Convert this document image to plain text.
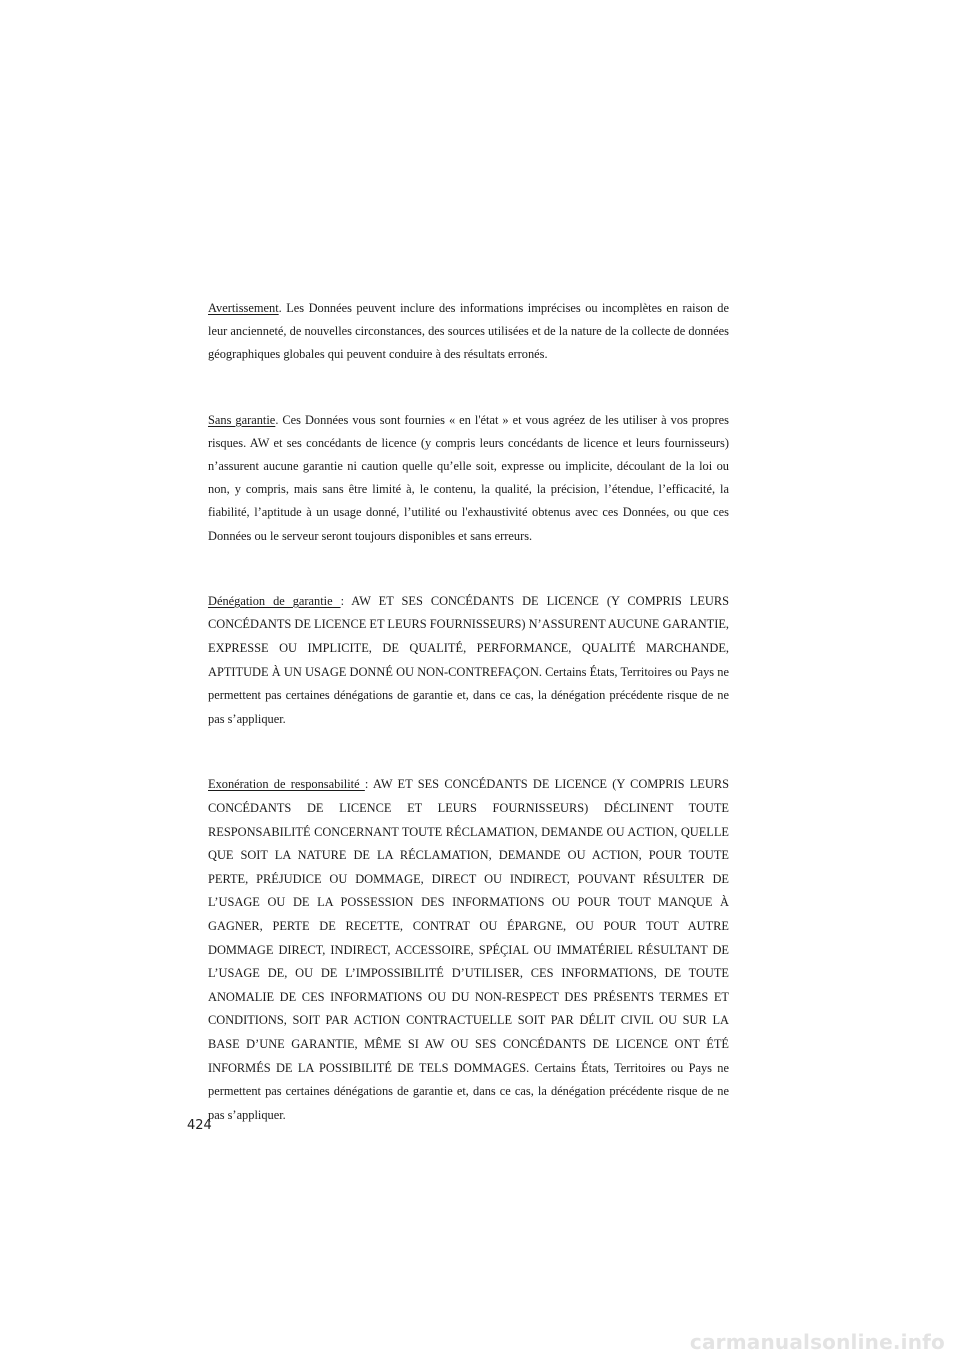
Avertissement. Les Données peuvent inclure des informations imprécises ou incomplètes en raison de leur ancienneté, de nouvelles circonstances, des sources utilisées et de la nature de la collecte de données géographiques globales qui peuvent conduire à des résultats erronés.

Sans garantie. Ces Données vous sont fournies « en l'état » et vous agréez de les utiliser à vos propres risques. AW et ses concédants de licence (y compris leurs concédants de licence et leurs fournisseurs) n’assurent aucune garantie ni caution quelle qu’elle soit, expresse ou implicite, découlant de la loi ou non, y compris, mais sans être limité à, le contenu, la qualité, la précision, l’étendue, l’efficacité, la fiabilité, l’aptitude à un usage donné, l’utilité ou l'exhaustivité obtenus avec ces Données, ou que ces Données ou le serveur seront toujours disponibles et sans erreurs.

Dénégation de garantie : AW ET SES CONCÉDANTS DE LICENCE (Y COMPRIS LEURS CONCÉDANTS DE LICENCE ET LEURS FOURNISSEURS) N’ASSURENT AUCUNE GARANTIE, EXPRESSE OU IMPLICITE, DE QUALITÉ, PERFORMANCE, QUALITÉ MARCHANDE, APTITUDE À UN USAGE DONNÉ OU NON-CONTREFAÇON. Certains États, Territoires ou Pays ne permettent pas certaines dénégations de garantie et, dans ce cas, la dénégation précédente risque de ne pas s’appliquer.

Exonération de responsabilité : AW ET SES CONCÉDANTS DE LICENCE (Y COMPRIS LEURS CONCÉDANTS DE LICENCE ET LEURS FOURNISSEURS) DÉCLINENT TOUTE RESPONSABILITÉ CONCERNANT TOUTE RÉCLAMATION, DEMANDE OU ACTION, QUELLE QUE SOIT LA NATURE DE LA RÉCLAMATION, DEMANDE OU ACTION, POUR TOUTE PERTE, PRÉJUDICE OU DOMMAGE, DIRECT OU INDIRECT, POUVANT RÉSULTER DE L’USAGE OU DE LA POSSESSION DES INFORMATIONS OU POUR TOUT MANQUE À GAGNER, PERTE DE RECETTE, CONTRAT OU ÉPARGNE, OU POUR TOUT AUTRE DOMMAGE DIRECT, INDIRECT, ACCESSOIRE, SPÉÇIAL OU IMMATÉRIEL RÉSULTANT DE L’USAGE DE, OU DE L’IMPOSSIBILITÉ D’UTILISER, CES INFORMATIONS, DE TOUTE ANOMALIE DE CES INFORMATIONS OU DU NON-RESPECT DES PRÉSENTS TERMES ET CONDITIONS, SOIT PAR ACTION CONTRACTUELLE SOIT PAR DÉLIT CIVIL OU SUR LA BASE D’UNE GARANTIE, MÊME SI AW OU SES CONCÉDANTS DE LICENCE ONT ÉTÉ INFORMÉS DE LA POSSIBILITÉ DE TELS DOMMAGES. Certains États, Territoires ou Pays ne permettent pas certaines dénégations de garantie et, dans ce cas, la dénégation précédente risque de ne pas s’appliquer.

424
carmanualsonline.info
